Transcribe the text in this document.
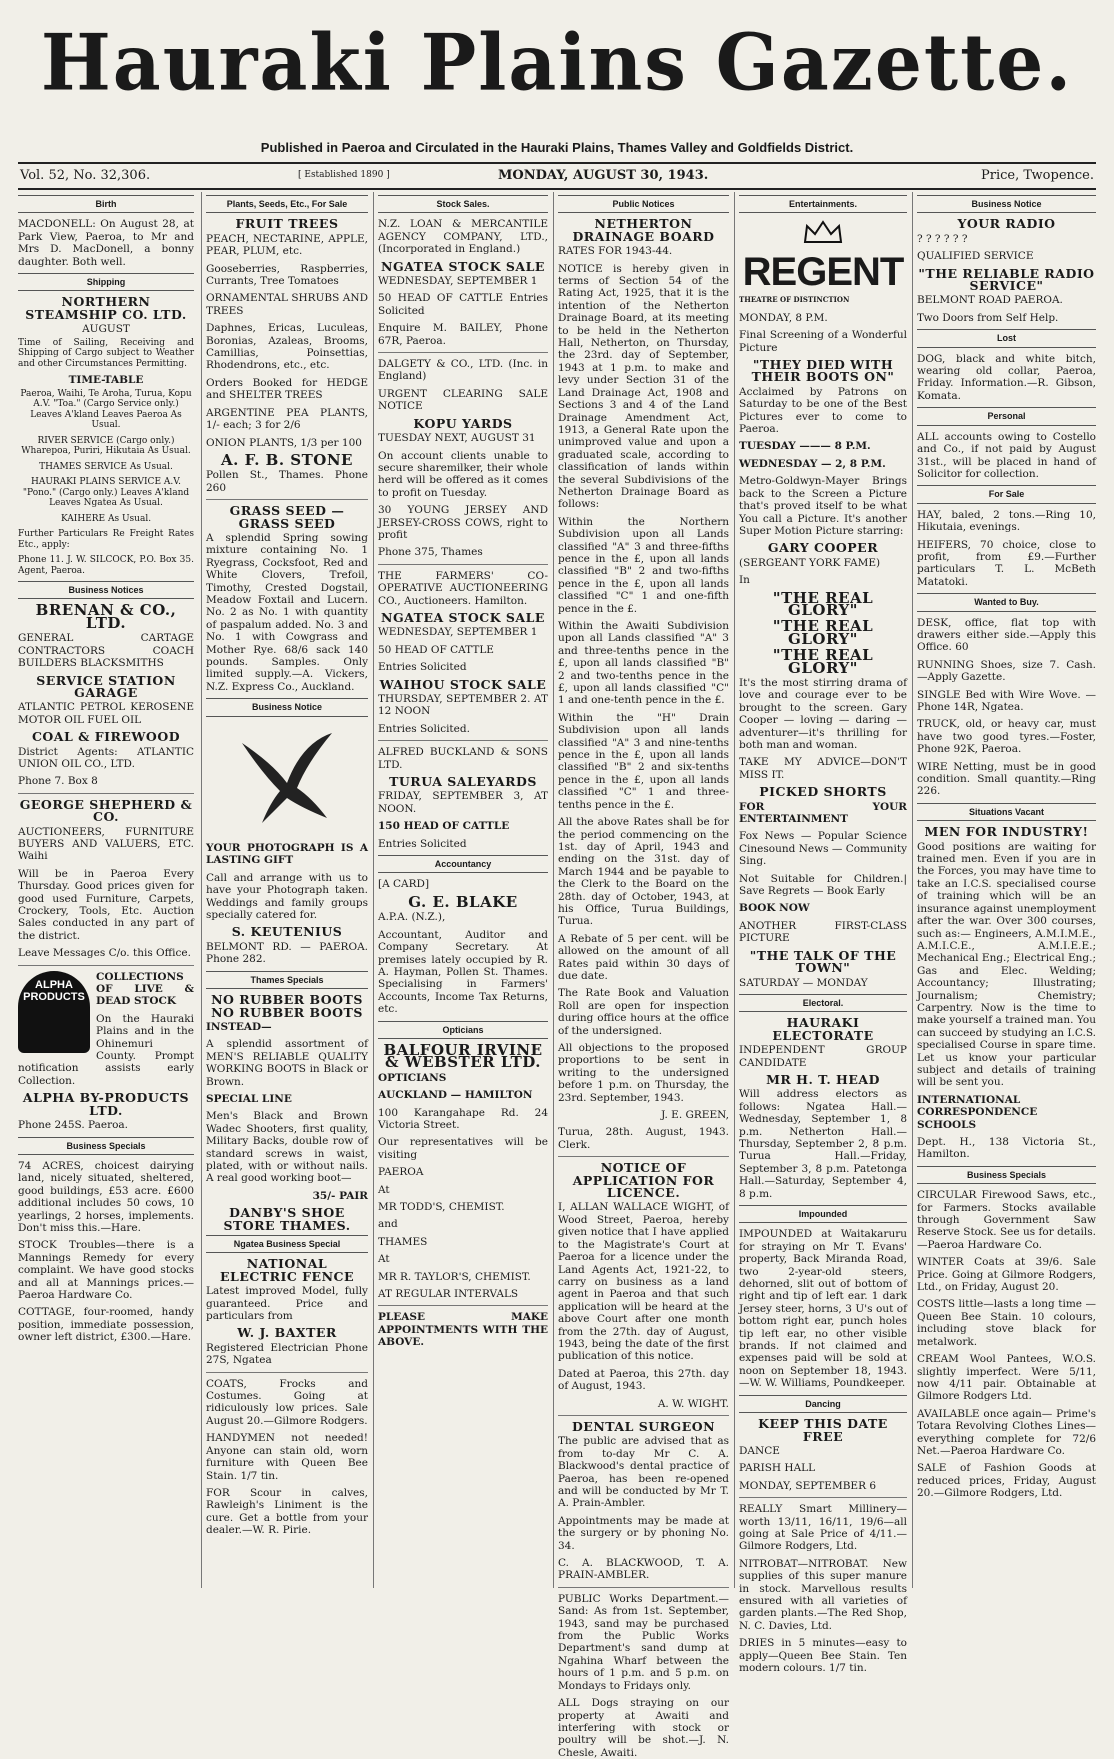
Hauraki Plains Gazette.
Published in Paeroa and Circulated in the Hauraki Plains, Thames Valley and Goldfields District.
Vol. 52, No. 32,306.	[ Established 1890 ]	MONDAY, AUGUST 30, 1943.	Price, Twopence.
Birth

MACDONELL: On August 28, at Park View, Paeroa, to Mr and Mrs D. MacDonell, a bonny daughter. Both well.

Shipping
NORTHERN STEAMSHIP CO. LTD.
AUGUST

Time of Sailing, Receiving and Shipping of Cargo subject to Weather and other Circumstances Permitting.

TIME-TABLE

Paeroa, Waihi, Te Aroha, Turua, Kopu A.V. "Toa." (Cargo Service only.) Leaves A'kland Leaves Paeroa As Usual.

RIVER SERVICE (Cargo only.) Wharepoa, Puriri, Hikutaia As Usual.

THAMES SERVICE As Usual.

HAURAKI PLAINS SERVICE A.V. "Pono." (Cargo only.) Leaves A'kland Leaves Ngatea As Usual.

KAIHERE As Usual.

Further Particulars Re Freight Rates Etc., apply:

Phone 11. J. W. SILCOCK, P.O. Box 35. Agent, Paeroa.

Business Notices
BRENAN & CO., LTD.

GENERAL CARTAGE CONTRACTORS COACH BUILDERS BLACKSMITHS

SERVICE STATION GARAGE

ATLANTIC PETROL KEROSENE MOTOR OIL FUEL OIL

COAL & FIREWOOD

District Agents: ATLANTIC UNION OIL CO., LTD.

Phone 7. Box 8

GEORGE SHEPHERD & CO.

AUCTIONEERS, FURNITURE BUYERS AND VALUERS, ETC. Waihi

Will be in Paeroa Every Thursday. Good prices given for good used Furniture, Carpets, Crockery, Tools, Etc. Auction Sales conducted in any part of the district.

Leave Messages C/o. this Office.

ALPHA PRODUCTS

COLLECTIONS OF LIVE & DEAD STOCK

On the Hauraki Plains and in the Ohinemuri County. Prompt notification assists early Collection.

ALPHA BY-PRODUCTS LTD.

Phone 245S. Paeroa.

Business Specials

74 ACRES, choicest dairying land, nicely situated, sheltered, good buildings, £53 acre. £600 additional includes 50 cows, 10 yearlings, 2 horses, implements. Don't miss this.—Hare.

STOCK Troubles—there is a Mannings Remedy for every complaint. We have good stocks and all at Mannings prices.—Paeroa Hardware Co.

COTTAGE, four-roomed, handy position, immediate possession, owner left district, £300.—Hare.

Plants, Seeds, Etc., For Sale
FRUIT TREES

PEACH, NECTARINE, APPLE, PEAR, PLUM, etc.

Gooseberries, Raspberries, Currants, Tree Tomatoes

ORNAMENTAL SHRUBS AND TREES

Daphnes, Ericas, Luculeas, Boronias, Azaleas, Brooms, Camillias, Poinsettias, Rhodendrons, etc., etc.

Orders Booked for HEDGE and SHELTER TREES

ARGENTINE PEA PLANTS, 1/- each; 3 for 2/6

ONION PLANTS, 1/3 per 100

A. F. B. STONE

Pollen St., Thames. Phone 260

GRASS SEED — GRASS SEED

A splendid Spring sowing mixture containing No. 1 Ryegrass, Cocksfoot, Red and White Clovers, Trefoil, Timothy, Crested Dogstail, Meadow Foxtail and Lucern. No. 2 as No. 1 with quantity of paspalum added. No. 3 and No. 1 with Cowgrass and Mother Rye. 68/6 sack 140 pounds. Samples. Only limited supply.—A. Vickers, N.Z. Express Co., Auckland.

Business Notice

YOUR PHOTOGRAPH IS A LASTING GIFT

Call and arrange with us to have your Photograph taken. Weddings and family groups specially catered for.

S. KEUTENIUS

BELMONT RD. — PAEROA. Phone 282.

Thames Specials
NO RUBBER BOOTS NO RUBBER BOOTS

INSTEAD—

A splendid assortment of MEN'S RELIABLE QUALITY WORKING BOOTS in Black or Brown.

SPECIAL LINE

Men's Black and Brown Wadec Shooters, first quality, Military Backs, double row of standard screws in waist, plated, with or without nails. A real good working boot—

35/- PAIR

DANBY'S SHOE STORE THAMES.
Ngatea Business Special
NATIONAL ELECTRIC FENCE

Latest improved Model, fully guaranteed. Price and particulars from

W. J. BAXTER

Registered Electrician Phone 27S, Ngatea

COATS, Frocks and Costumes. Going at ridiculously low prices. Sale August 20.—Gilmore Rodgers.

HANDYMEN not needed! Anyone can stain old, worn furniture with Queen Bee Stain. 1/7 tin.

FOR Scour in calves, Rawleigh's Liniment is the cure. Get a bottle from your dealer.—W. R. Pirie.

Stock Sales.

N.Z. LOAN & MERCANTILE AGENCY COMPANY, LTD., (Incorporated in England.)

NGATEA STOCK SALE

WEDNESDAY, SEPTEMBER 1

50 HEAD OF CATTLE Entries Solicited

Enquire M. BAILEY, Phone 67R, Paeroa.

DALGETY & CO., LTD. (Inc. in England)

URGENT CLEARING SALE NOTICE

KOPU YARDS

TUESDAY NEXT, AUGUST 31

On account clients unable to secure sharemilker, their whole herd will be offered as it comes to profit on Tuesday.

30 YOUNG JERSEY AND JERSEY-CROSS COWS, right to profit

Phone 375, Thames

THE FARMERS' CO-OPERATIVE AUCTIONEERING CO., Auctioneers. Hamilton.

NGATEA STOCK SALE

WEDNESDAY, SEPTEMBER 1

50 HEAD OF CATTLE

Entries Solicited

WAIHOU STOCK SALE

THURSDAY, SEPTEMBER 2. AT 12 NOON

Entries Solicited.

ALFRED BUCKLAND & SONS LTD.

TURUA SALEYARDS

FRIDAY, SEPTEMBER 3, AT NOON.

150 HEAD OF CATTLE

Entries Solicited

Accountancy

[A CARD]

G. E. BLAKE

A.P.A. (N.Z.),

Accountant, Auditor and Company Secretary. At premises lately occupied by R. A. Hayman, Pollen St. Thames. Specialising in Farmers' Accounts, Income Tax Returns, etc.

Opticians
BALFOUR IRVINE & WEBSTER LTD.

OPTICIANS

AUCKLAND — HAMILTON

100 Karangahape Rd. 24 Victoria Street.

Our representatives will be visiting

PAEROA

At

MR TODD'S, CHEMIST.

and

THAMES

At

MR R. TAYLOR'S, CHEMIST.

AT REGULAR INTERVALS

PLEASE MAKE APPOINTMENTS WITH THE ABOVE.

Public Notices
NETHERTON DRAINAGE BOARD

RATES FOR 1943-44.

NOTICE is hereby given in terms of Section 54 of the Rating Act, 1925, that it is the intention of the Netherton Drainage Board, at its meeting to be held in the Netherton Hall, Netherton, on Thursday, the 23rd. day of September, 1943 at 1 p.m. to make and levy under Section 31 of the Land Drainage Act, 1908 and Sections 3 and 4 of the Land Drainage Amendment Act, 1913, a General Rate upon the unimproved value and upon a graduated scale, according to classification of lands within the several Subdivisions of the Netherton Drainage Board as follows:

Within the Northern Subdivision upon all Lands classified "A" 3 and three-fifths pence in the £, upon all lands classified "B" 2 and two-fifths pence in the £, upon all lands classified "C" 1 and one-fifth pence in the £.

Within the Awaiti Subdivision upon all Lands classified "A" 3 and three-tenths pence in the £, upon all lands classified "B" 2 and two-tenths pence in the £, upon all lands classified "C" 1 and one-tenth pence in the £.

Within the "H" Drain Subdivision upon all lands classified "A" 3 and nine-tenths pence in the £, upon all lands classified "B" 2 and six-tenths pence in the £, upon all lands classified "C" 1 and three-tenths pence in the £.

All the above Rates shall be for the period commencing on the 1st. day of April, 1943 and ending on the 31st. day of March 1944 and be payable to the Clerk to the Board on the 28th. day of October, 1943, at his Office, Turua Buildings, Turua.

A Rebate of 5 per cent. will be allowed on the amount of all Rates paid within 30 days of due date.

The Rate Book and Valuation Roll are open for inspection during office hours at the office of the undersigned.

All objections to the proposed proportions to be sent in writing to the undersigned before 1 p.m. on Thursday, the 23rd. September, 1943.

J. E. GREEN,

Turua, 28th. August, 1943. Clerk.

NOTICE OF APPLICATION FOR LICENCE.

I, ALLAN WALLACE WIGHT, of Wood Street, Paeroa, hereby given notice that I have applied to the Magistrate's Court at Paeroa for a licence under the Land Agents Act, 1921-22, to carry on business as a land agent in Paeroa and that such application will be heard at the above Court after one month from the 27th. day of August, 1943, being the date of the first publication of this notice.

Dated at Paeroa, this 27th. day of August, 1943.

A. W. WIGHT.

DENTAL SURGEON

The public are advised that as from to-day Mr C. A. Blackwood's dental practice of Paeroa, has been re-opened and will be conducted by Mr T. A. Prain-Ambler.

Appointments may be made at the surgery or by phoning No. 34.

C. A. BLACKWOOD, T. A. PRAIN-AMBLER.

PUBLIC Works Department.—Sand: As from 1st. September, 1943, sand may be purchased from the Public Works Department's sand dump at Ngahina Wharf between the hours of 1 p.m. and 5 p.m. on Mondays to Fridays only.

ALL Dogs straying on our property at Awaiti and interfering with stock or poultry will be shot.—J. N. Chesle, Awaiti.

Entertainments.
REGENT

THEATRE OF DISTINCTION

MONDAY, 8 P.M.

Final Screening of a Wonderful Picture

"THEY DIED WITH THEIR BOOTS ON"

Acclaimed by Patrons on Saturday to be one of the Best Pictures ever to come to Paeroa.

TUESDAY ——— 8 P.M.

WEDNESDAY — 2, 8 P.M.

Metro-Goldwyn-Mayer Brings back to the Screen a Picture that's proved itself to be what You call a Picture. It's another Super Motion Picture starring:

GARY COOPER

(SERGEANT YORK FAME)

In

"THE REAL GLORY"
"THE REAL GLORY"
"THE REAL GLORY"

It's the most stirring drama of love and courage ever to be brought to the screen. Gary Cooper — loving — daring — adventurer—it's thrilling for both man and woman.

TAKE MY ADVICE—DON'T MISS IT.

PICKED SHORTS

FOR YOUR ENTERTAINMENT

Fox News — Popular Science Cinesound News — Community Sing.

Not Suitable for Children.| Save Regrets — Book Early

BOOK NOW

ANOTHER FIRST-CLASS PICTURE

"THE TALK OF THE TOWN"

SATURDAY — MONDAY

Electoral.
HAURAKI ELECTORATE

INDEPENDENT GROUP CANDIDATE

MR H. T. HEAD

Will address electors as follows: Ngatea Hall.—Wednesday, September 1, 8 p.m. Netherton Hall.—Thursday, September 2, 8 p.m. Turua Hall.—Friday, September 3, 8 p.m. Patetonga Hall.—Saturday, September 4, 8 p.m.

Impounded

IMPOUNDED at Waitakaruru for straying on Mr T. Evans' property, Back Miranda Road, two 2-year-old steers, dehorned, slit out of bottom of right and tip of left ear. 1 dark Jersey steer, horns, 3 U's out of bottom right ear, punch holes tip left ear, no other visible brands. If not claimed and expenses paid will be sold at noon on September 18, 1943.—W. W. Williams, Poundkeeper.

Dancing
KEEP THIS DATE FREE

DANCE

PARISH HALL

MONDAY, SEPTEMBER 6

REALLY Smart Millinery—worth 13/11, 16/11, 19/6—all going at Sale Price of 4/11.—Gilmore Rodgers, Ltd.

NITROBAT—NITROBAT. New supplies of this super manure in stock. Marvellous results ensured with all varieties of garden plants.—The Red Shop, N. C. Davies, Ltd.

DRIES in 5 minutes—easy to apply—Queen Bee Stain. Ten modern colours. 1/7 tin.

Business Notice
YOUR RADIO

? ? ? ? ? ?

QUALIFIED SERVICE

"THE RELIABLE RADIO SERVICE"

BELMONT ROAD PAEROA.

Two Doors from Self Help.

Lost

DOG, black and white bitch, wearing old collar, Paeroa, Friday. Information.—R. Gibson, Komata.

Personal

ALL accounts owing to Costello and Co., if not paid by August 31st., will be placed in hand of Solicitor for collection.

For Sale

HAY, baled, 2 tons.—Ring 10, Hikutaia, evenings.

HEIFERS, 70 choice, close to profit, from £9.—Further particulars T. L. McBeth Matatoki.

Wanted to Buy.

DESK, office, flat top with drawers either side.—Apply this Office. 60

RUNNING Shoes, size 7. Cash. —Apply Gazette.

SINGLE Bed with Wire Wove. —Phone 14R, Ngatea.

TRUCK, old, or heavy car, must have two good tyres.—Foster, Phone 92K, Paeroa.

WIRE Netting, must be in good condition. Small quantity.—Ring 226.

Situations Vacant
MEN FOR INDUSTRY!

Good positions are waiting for trained men. Even if you are in the Forces, you may have time to take an I.C.S. specialised course of training which will be an insurance against unemployment after the war. Over 300 courses, such as:— Engineers, A.M.I.M.E., A.M.I.C.E., A.M.I.E.E.; Mechanical Eng.; Electrical Eng.; Gas and Elec. Welding; Accountancy; Illustrating; Journalism; Chemistry; Carpentry. Now is the time to make yourself a trained man. You can succeed by studying an I.C.S. specialised Course in spare time. Let us know your particular subject and details of training will be sent you.

INTERNATIONAL CORRESPONDENCE SCHOOLS

Dept. H., 138 Victoria St., Hamilton.

Business Specials

CIRCULAR Firewood Saws, etc., for Farmers. Stocks available through Government Saw Reserve Stock. See us for details.—Paeroa Hardware Co.

WINTER Coats at 39/6. Sale Price. Going at Gilmore Rodgers, Ltd., on Friday, August 20.

COSTS little—lasts a long time —Queen Bee Stain. 10 colours, including stove black for metalwork.

CREAM Wool Pantees, W.O.S. slightly imperfect. Were 5/11, now 4/11 pair. Obtainable at Gilmore Rodgers Ltd.

AVAILABLE once again— Prime's Totara Revolving Clothes Lines—everything complete for 72/6 Net.—Paeroa Hardware Co.

SALE of Fashion Goods at reduced prices, Friday, August 20.—Gilmore Rodgers, Ltd.
